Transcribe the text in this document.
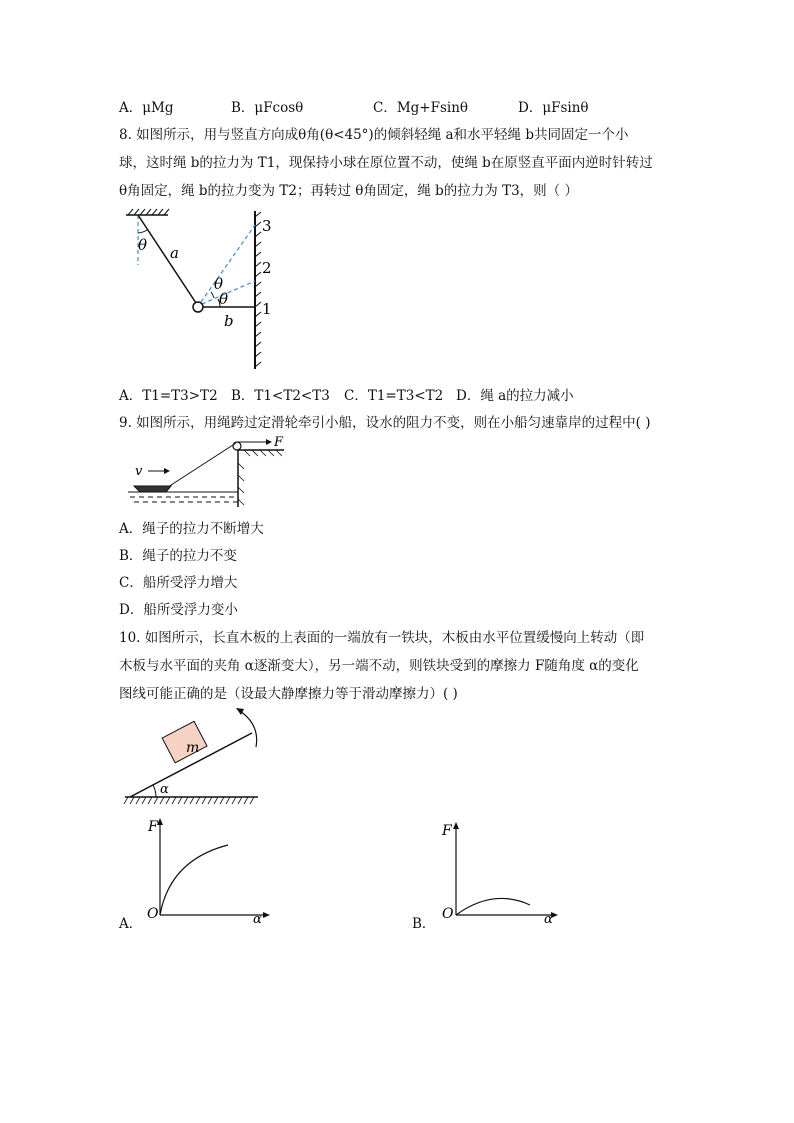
A．μMg	B．μFcosθ	C．Mg+Fsinθ	D．μFsinθ
8. 如图所示，用与竖直方向成θ角(θ<45°)的倾斜轻绳 a和水平轻绳 b共同固定一个小
球，这时绳 b的拉力为 T1，现保持小球在原位置不动，使绳 b在原竖直平面内逆时针转过
θ角固定，绳 b的拉力变为 T2；再转过 θ角固定，绳 b的拉力为 T3，则（ ）
θ a
θ
θ
b
1
2
3
A．T1=T3>T2 B．T1<T2<T3 C．T1=T3<T2 D．绳 a的拉力减小
9. 如图所示，用绳跨过定滑轮牵引小船，设水的阻力不变，则在小船匀速靠岸的过程中( )
v
F
A．绳子的拉力不断增大
B．绳子的拉力不变
C．船所受浮力增大
D．船所受浮力变小
10. 如图所示，长直木板的上表面的一端放有一铁块，木板由水平位置缓慢向上转动（即
木板与水平面的夹角 α逐渐变大），另一端不动，则铁块受到的摩擦力 F随角度 α的变化
图线可能正确的是（设最大静摩擦力等于滑动摩擦力）( )
m
α
A．
F
O	α	B．
F
O	α
